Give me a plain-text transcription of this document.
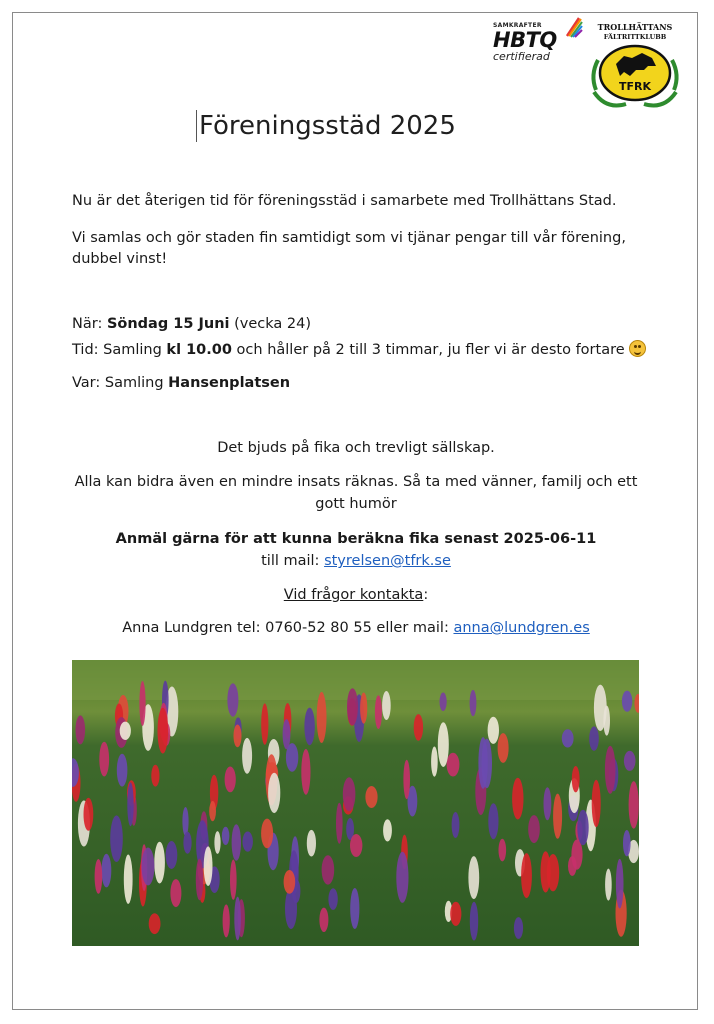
SAMKRAFTER
HBTQ
certifierad
TROLLHÄTTANS
FÄLTRITTKLUBB
TFRK
Föreningsstäd 2025
Nu är det återigen tid för föreningsstäd i samarbete med Trollhättans Stad.
Vi samlas och gör staden fin samtidigt som vi tjänar pengar till vår förening,
dubbel vinst!
När: Söndag 15 Juni (vecka 24)
Tid: Samling kl 10.00 och håller på 2 till 3 timmar, ju fler vi är desto fortare
Var: Samling Hansenplatsen
Det bjuds på fika och trevligt sällskap.
Alla kan bidra även en mindre insats räknas. Så ta med vänner, familj och ett
gott humör
Anmäl gärna för att kunna beräkna fika senast 2025-06-11
till mail: styrelsen@tfrk.se
Vid frågor kontakta:
Anna Lundgren tel: 0760-52 80 55 eller mail: anna@lundgren.es
